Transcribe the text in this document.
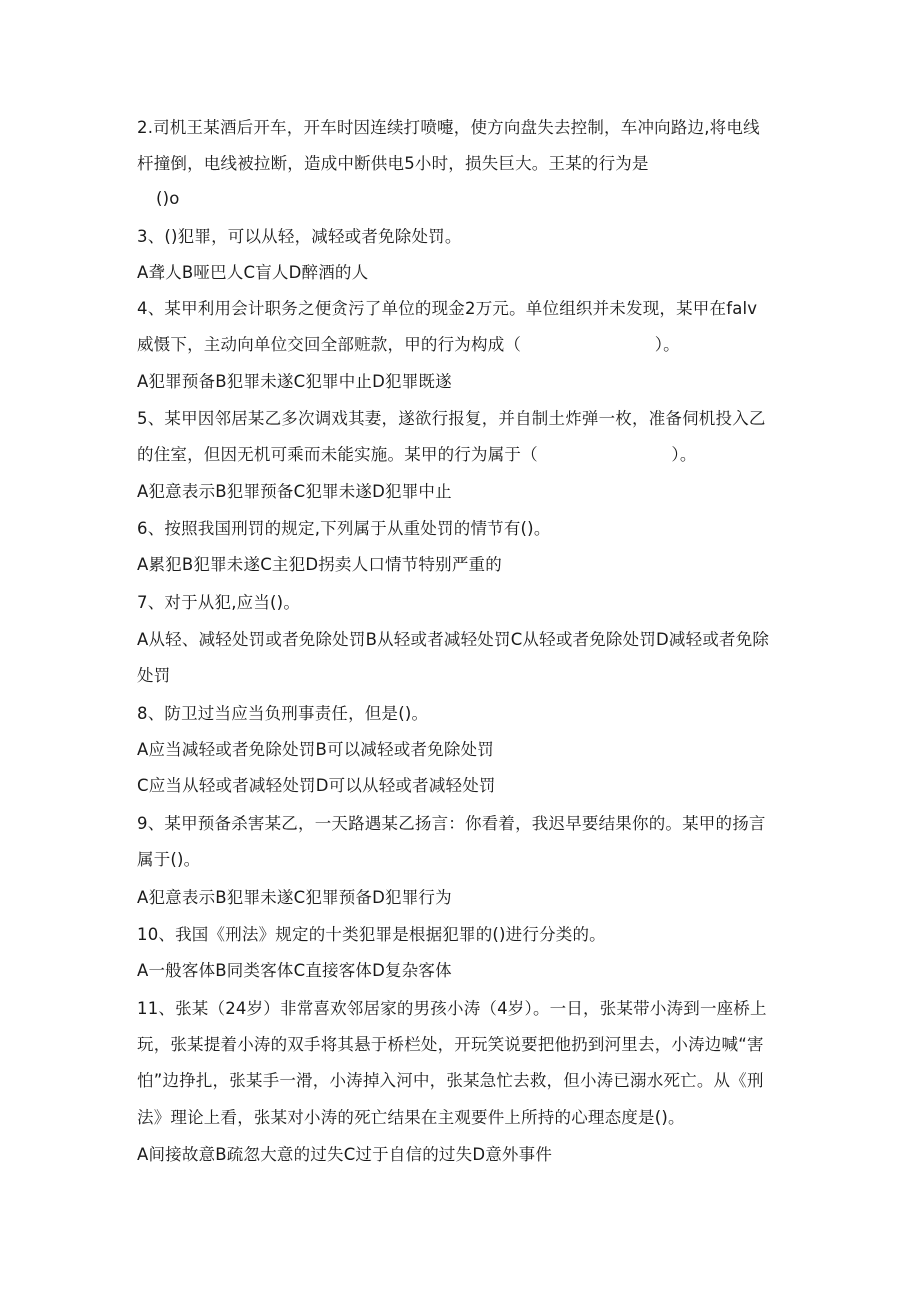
2.司机王某酒后开车，开车时因连续打喷嚏，使方向盘失去控制，车冲向路边,将电线
杆撞倒，电线被拉断，造成中断供电5小时，损失巨大。王某的行为是
()o
3、()犯罪，可以从轻，减轻或者免除处罚。
A聋人B哑巴人C盲人D醉酒的人
4、某甲利用会计职务之便贪污了单位的现金2万元。单位组织并未发现，某甲在falv
威慑下，主动向单位交回全部赃款，甲的行为构成（　　　　　　　　）。
A犯罪预备B犯罪未遂C犯罪中止D犯罪既遂
5、某甲因邻居某乙多次调戏其妻，遂欲行报复，并自制土炸弹一枚，准备伺机投入乙
的住室，但因无机可乘而未能实施。某甲的行为属于（　　　　　　　　）。
A犯意表示B犯罪预备C犯罪未遂D犯罪中止
6、按照我国刑罚的规定,下列属于从重处罚的情节有()。
A累犯B犯罪未遂C主犯D拐卖人口情节特别严重的
7、对于从犯,应当()。
A从轻、减轻处罚或者免除处罚B从轻或者减轻处罚C从轻或者免除处罚D减轻或者免除
处罚
8、防卫过当应当负刑事责任，但是()。
A应当减轻或者免除处罚B可以减轻或者免除处罚
C应当从轻或者减轻处罚D可以从轻或者减轻处罚
9、某甲预备杀害某乙，一天路遇某乙扬言：你看着，我迟早要结果你的。某甲的扬言
属于()。
A犯意表示B犯罪未遂C犯罪预备D犯罪行为
10、我国《刑法》规定的十类犯罪是根据犯罪的()进行分类的。
A一般客体B同类客体C直接客体D复杂客体
11、张某（24岁）非常喜欢邻居家的男孩小涛（4岁）。一日，张某带小涛到一座桥上
玩，张某提着小涛的双手将其悬于桥栏处，开玩笑说要把他扔到河里去，小涛边喊“害
怕”边挣扎，张某手一滑，小涛掉入河中，张某急忙去救，但小涛已溺水死亡。从《刑
法》理论上看，张某对小涛的死亡结果在主观要件上所持的心理态度是()。
A间接故意B疏忽大意的过失C过于自信的过失D意外事件
